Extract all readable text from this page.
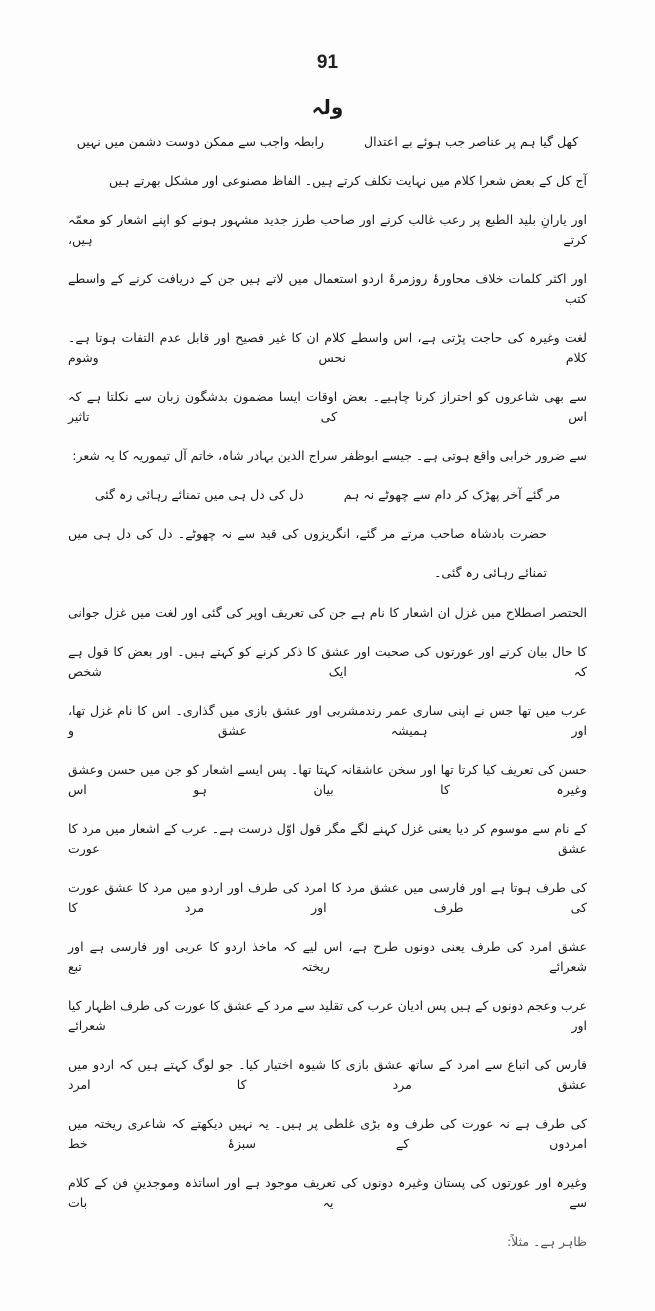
91
ولہ
کھل گیا ہم پر عناصر جب ہوئے بے اعتدال
رابطہ واجب سے ممکن دوست دشمن میں نہیں
آج کل کے بعض شعرا کلام میں نہایت تکلف کرتے ہیں۔ الفاظ مصنوعی اور مشکل بھرتے ہیں
اور یارانِ بلید الطبع پر رعب غالب کرنے اور صاحب طرز جدید مشہور ہونے کو اپنے اشعار کو معمّہ کرتے ہیں،
اور اکثر کلمات خلاف محاورۂ روزمرۂ اردو استعمال میں لاتے ہیں جن کے دریافت کرنے کے واسطے کتب
لغت وغیرہ کی حاجت پڑتی ہے، اس واسطے کلام ان کا غیر فصیح اور قابل عدم التفات ہوتا ہے۔ کلام نحس وشوم
سے بھی شاعروں کو احتراز کرنا چاہیے۔ بعض اوقات ایسا مضمون بدشگون زبان سے نکلتا ہے کہ اس کی تاثیر
سے ضرور خرابی واقع ہوتی ہے۔ جیسے ابوظفر سراج الدین بہادر شاہ، خاتم آل تیموریہ کا یہ شعر:
مر گئے آخر پھڑک کر دام سے چھوٹے نہ ہم
دل کی دل ہی میں تمنائے رہائی رہ گئی
حضرت بادشاہ صاحب مرتے مر گئے، انگریزوں کی قید سے نہ چھوٹے۔ دل کی دل ہی میں
تمنائے رہائی رہ گئی۔
الحتصر اصطلاح میں غزل ان اشعار کا نام ہے جن کی تعریف اوپر کی گئی اور لغت میں غزل جوانی
کا حال بیان کرنے اور عورتوں کی صحبت اور عشق کا ذکر کرنے کو کہتے ہیں۔ اور بعض کا قول ہے کہ ایک شخص
عرب میں تھا جس نے اپنی ساری عمر رندمشربی اور عشق بازی میں گذاری۔ اس کا نام غزل تھا، اور ہمیشہ عشق و
حسن کی تعریف کیا کرتا تھا اور سخن عاشقانہ کہتا تھا۔ پس ایسے اشعار کو جن میں حسن وعشق وغیرہ کا بیان ہو اس
کے نام سے موسوم کر دیا یعنی غزل کہنے لگے مگر قول اوّل درست ہے۔ عرب کے اشعار میں مرد کا عشق عورت
کی طرف ہوتا ہے اور فارسی میں عشق مرد کا امرد کی طرف اور اردو میں مرد کا عشق عورت کی طرف اور مرد کا
عشق امرد کی طرف یعنی دونوں طرح ہے، اس لیے کہ ماخذ اردو کا عربی اور فارسی ہے اور شعرائے ریختہ تبع
عرب وعجم دونوں کے ہیں پس ادیان عرب کی تقلید سے مرد کے عشق کا عورت کی طرف اظہار کیا اور شعرائے
فارس کی اتباع سے امرد کے ساتھ عشق بازی کا شیوہ اختیار کیا۔ جو لوگ کہتے ہیں کہ اردو میں عشق مرد کا امرد
کی طرف ہے نہ عورت کی طرف وہ بڑی غلطی پر ہیں۔ یہ نہیں دیکھتے کہ شاعری ریختہ میں امردوں کے سبزۂ خط
وغیرہ اور عورتوں کی پستان وغیرہ دونوں کی تعریف موجود ہے اور اساتذہ وموجدینِ فن کے کلام سے یہ بات
ظاہر ہے۔ مثلاً:
